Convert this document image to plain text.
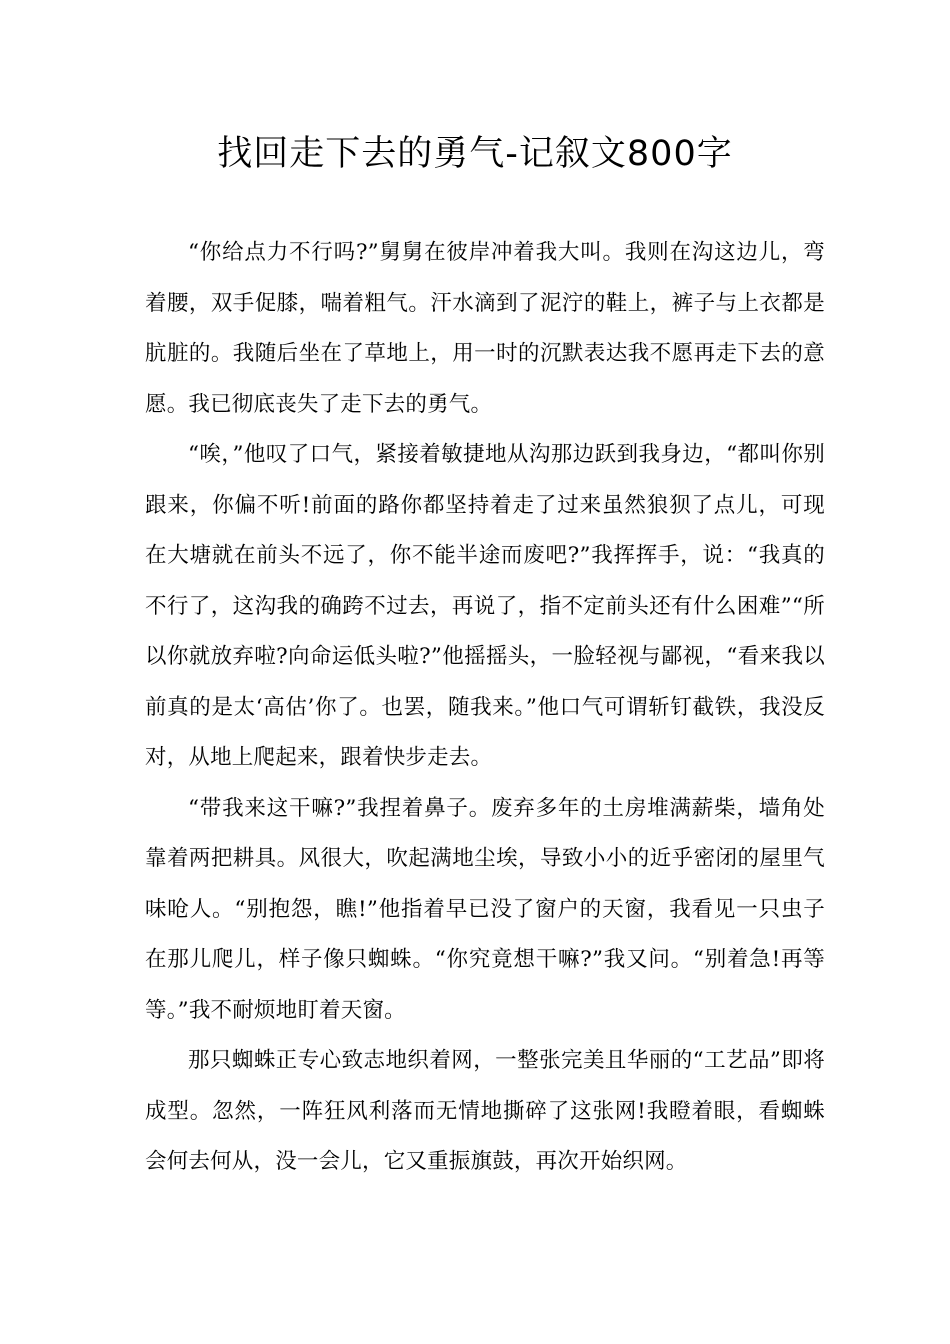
找回走下去的勇气-记叙文800字

“你给点力不行吗?”舅舅在彼岸冲着我大叫。我则在沟这边儿，弯着腰，双手促膝，喘着粗气。汗水滴到了泥泞的鞋上，裤子与上衣都是肮脏的。我随后坐在了草地上，用一时的沉默表达我不愿再走下去的意愿。我已彻底丧失了走下去的勇气。

“唉，”他叹了口气，紧接着敏捷地从沟那边跃到我身边，“都叫你别跟来，你偏不听!前面的路你都坚持着走了过来虽然狼狈了点儿，可现在大塘就在前头不远了，你不能半途而废吧?”我挥挥手，说：“我真的不行了，这沟我的确跨不过去，再说了，指不定前头还有什么困难”“所以你就放弃啦?向命运低头啦?”他摇摇头，一脸轻视与鄙视，“看来我以前真的是太‘高估’你了。也罢，随我来。”他口气可谓斩钉截铁，我没反对，从地上爬起来，跟着快步走去。

“带我来这干嘛?”我捏着鼻子。废弃多年的土房堆满薪柴，墙角处靠着两把耕具。风很大，吹起满地尘埃，导致小小的近乎密闭的屋里气味呛人。“别抱怨，瞧!”他指着早已没了窗户的天窗，我看见一只虫子在那儿爬儿，样子像只蜘蛛。“你究竟想干嘛?”我又问。“别着急!再等等。”我不耐烦地盯着天窗。

那只蜘蛛正专心致志地织着网，一整张完美且华丽的“工艺品”即将成型。忽然，一阵狂风利落而无情地撕碎了这张网!我瞪着眼，看蜘蛛会何去何从，没一会儿，它又重振旗鼓，再次开始织网。
